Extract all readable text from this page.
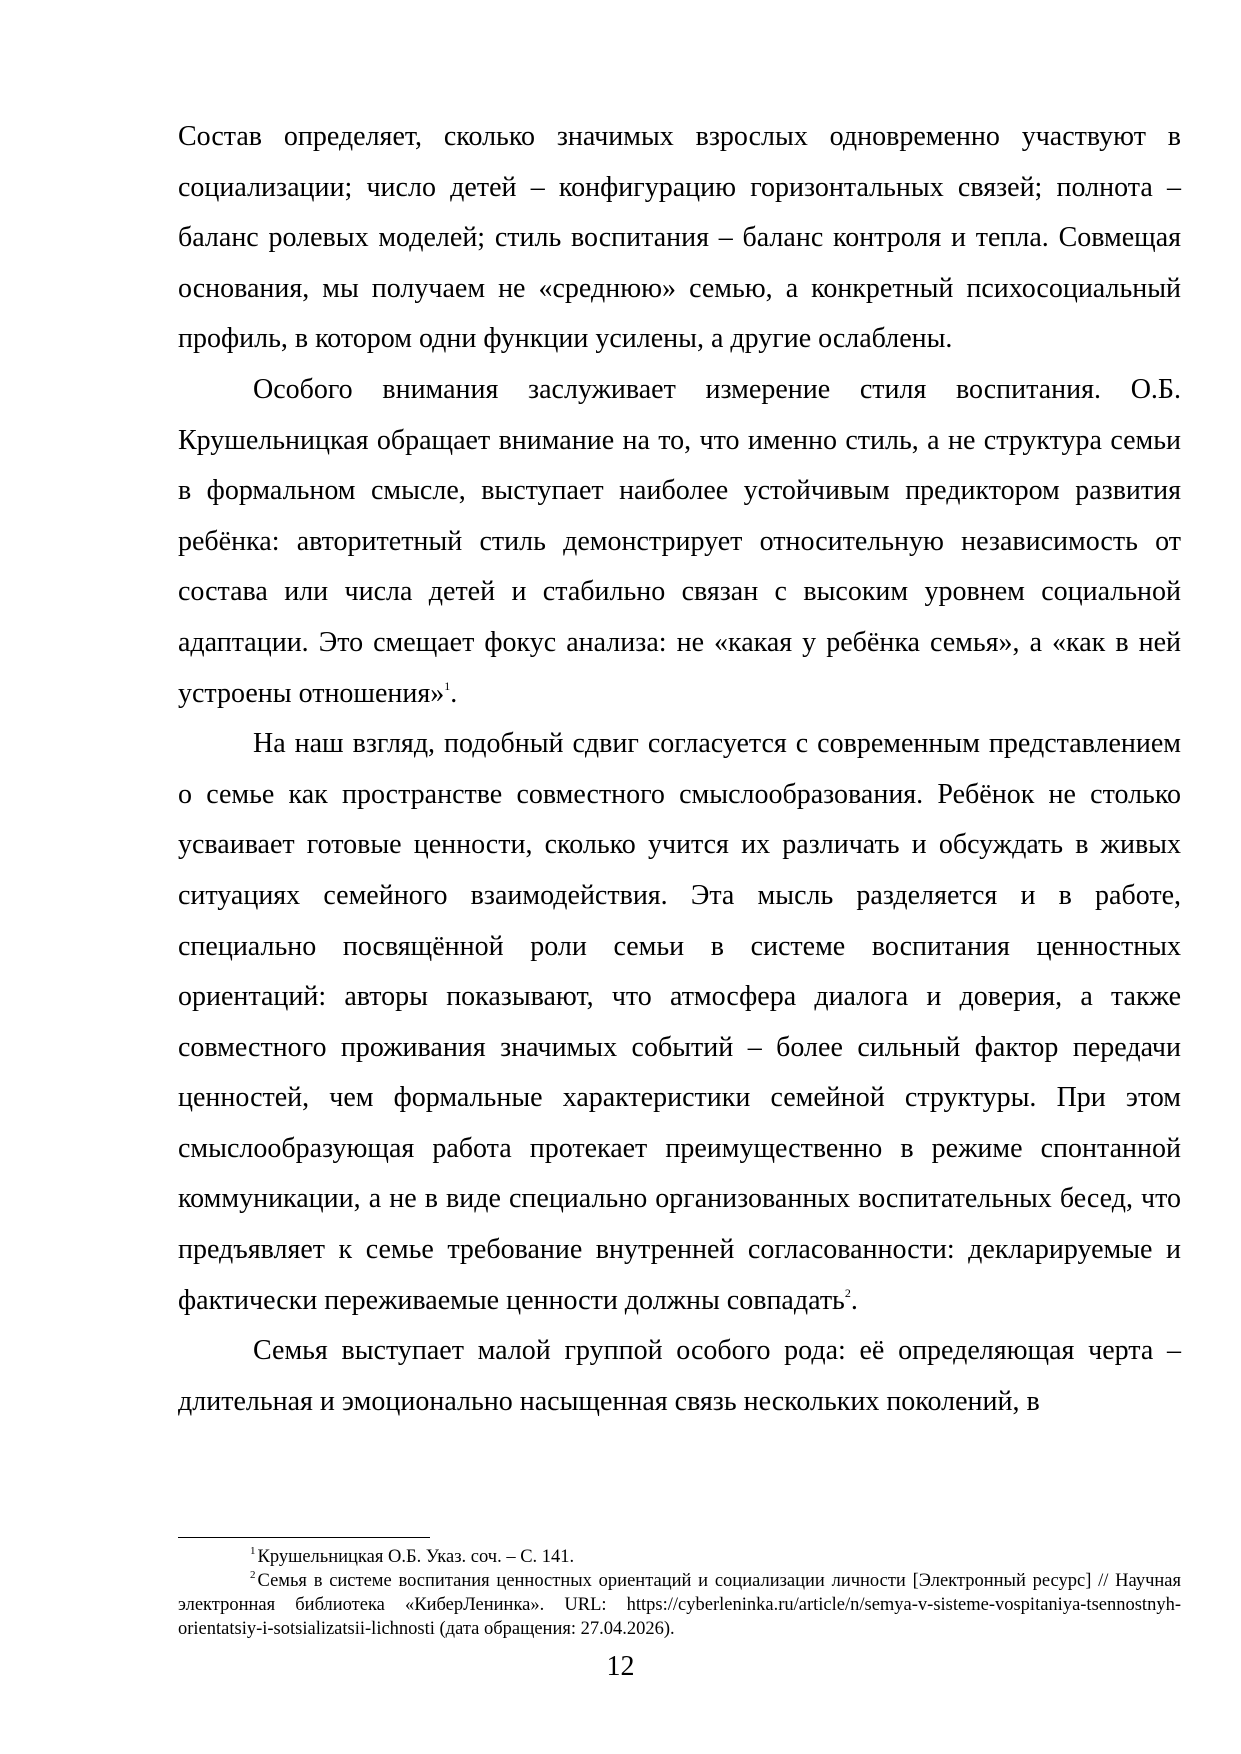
Состав определяет, сколько значимых взрослых одновременно участвуют в социализации; число детей – конфигурацию горизонтальных связей; полнота – баланс ролевых моделей; стиль воспитания – баланс контроля и тепла. Совмещая основания, мы получаем не «среднюю» семью, а конкретный психосоциальный профиль, в котором одни функции усилены, а другие ослаблены.

Особого внимания заслуживает измерение стиля воспитания. О.Б. Крушельницкая обращает внимание на то, что именно стиль, а не структура семьи в формальном смысле, выступает наиболее устойчивым предиктором развития ребёнка: авторитетный стиль демонстрирует относительную независимость от состава или числа детей и стабильно связан с высоким уровнем социальной адаптации. Это смещает фокус анализа: не «какая у ребёнка семья», а «как в ней устроены отношения»$^1$.

На наш взгляд, подобный сдвиг согласуется с современным представлением о семье как пространстве совместного смыслообразования. Ребёнок не столько усваивает готовые ценности, сколько учится их различать и обсуждать в живых ситуациях семейного взаимодействия. Эта мысль разделяется и в работе, специально посвящённой роли семьи в системе воспитания ценностных ориентаций: авторы показывают, что атмосфера диалога и доверия, а также совместного проживания значимых событий – более сильный фактор передачи ценностей, чем формальные характеристики семейной структуры. При этом смыслообразующая работа протекает преимущественно в режиме спонтанной коммуникации, а не в виде специально организованных воспитательных бесед, что предъявляет к семье требование внутренней согласованности: декларируемые и фактически переживаемые ценности должны совпадать$^2$.

Семья выступает малой группой особого рода: её определяющая черта – длительная и эмоционально насыщенная связь нескольких поколений, в

$^1$ Крушельницкая О.Б. Указ. соч. – С. 141.

$^2$ Семья в системе воспитания ценностных ориентаций и социализации личности [Электронный ресурс] // Научная электронная библиотека «КиберЛенинка». URL: https://cyberleninka.ru/article/n/semya-v-sisteme-vospitaniya-tsennostnyh-orientatsiy-i-sotsializatsii-lichnosti (дата обращения: 27.04.2026).

12
